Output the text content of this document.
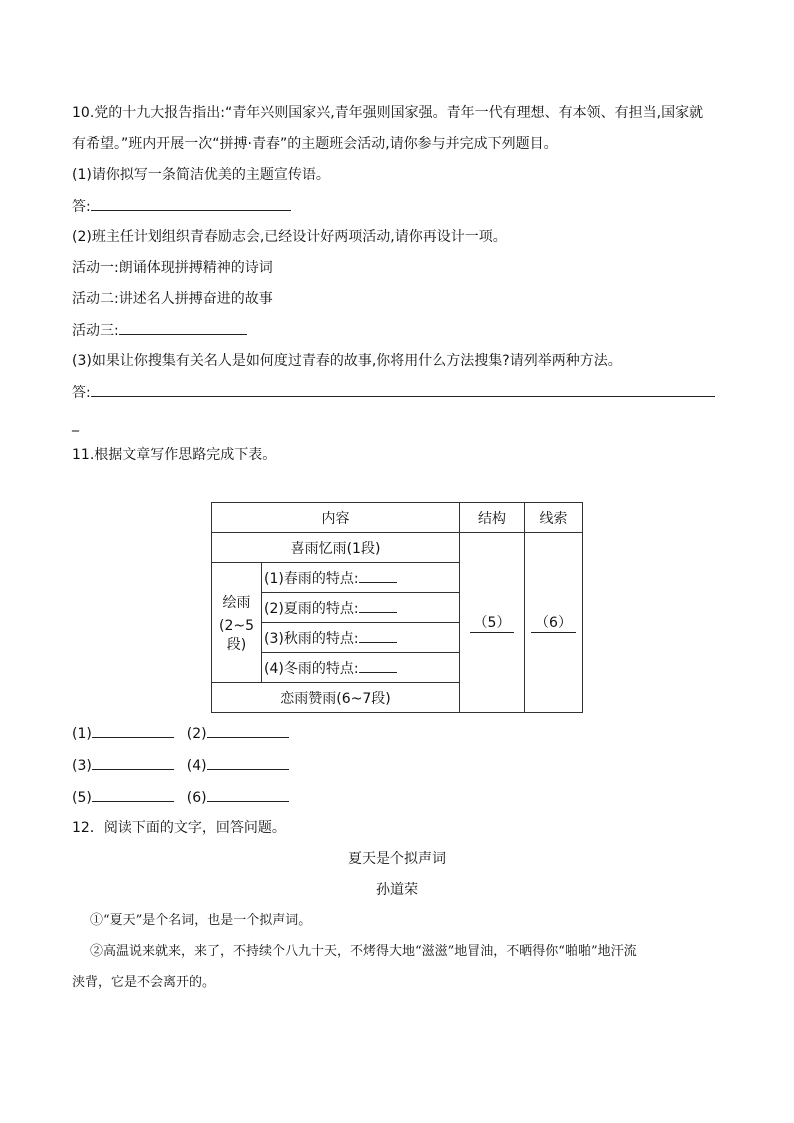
10.党的十九大报告指出:“青年兴则国家兴,青年强则国家强。青年一代有理想、有本领、有担当,国家就
有希望。”班内开展一次“拼搏·青春”的主题班会活动,请你参与并完成下列题目。
(1)请你拟写一条简洁优美的主题宣传语。
答:
(2)班主任计划组织青春励志会,已经设计好两项活动,请你再设计一项。
活动一:朗诵体现拼搏精神的诗词
活动二:讲述名人拼搏奋进的故事
活动三:
(3)如果让你搜集有关名人是如何度过青春的故事,你将用什么方法搜集?请列举两种方法。
答:
_
11.根据文章写作思路完成下表。
内容		结构	线索
喜雨忆雨(1段)		（5）	（6）

绘雨
(2~5段)	(1)春雨的特点:		
	(2)夏雨的特点:		
	(3)秋雨的特点:		
	(4)冬雨的特点:		
恋雨赞雨(6~7段)			
(1)	(2)
(3)	(4)
(5)	(6)
12．阅读下面的文字，回答问题。
夏天是个拟声词
孙道荣
①“夏天”是个名词，也是一个拟声词。
②高温说来就来，来了，不持续个八九十天，不烤得大地“滋滋”地冒油，不晒得你“啪啪”地汗流
浃背，它是不会离开的。
